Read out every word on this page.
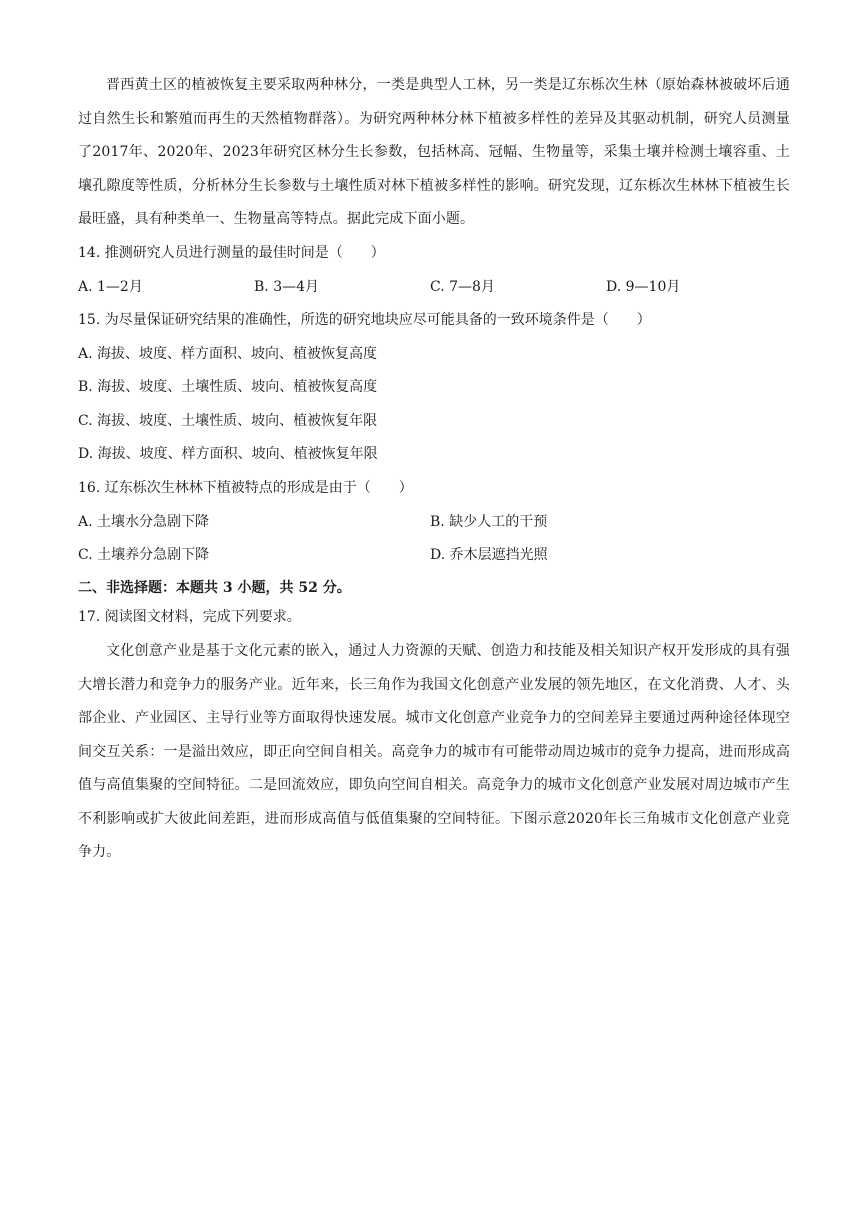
晋西黄土区的植被恢复主要采取两种林分，一类是典型人工林，另一类是辽东栎次生林（原始森林被破坏后通过自然生长和繁殖而再生的天然植物群落）。为研究两种林分林下植被多样性的差异及其驱动机制，研究人员测量了2017年、2020年、2023年研究区林分生长参数，包括林高、冠幅、生物量等，采集土壤并检测土壤容重、土壤孔隙度等性质，分析林分生长参数与土壤性质对林下植被多样性的影响。研究发现，辽东栎次生林林下植被生长最旺盛，具有种类单一、生物量高等特点。据此完成下面小题。
14. 推测研究人员进行测量的最佳时间是（　　）
A. 1—2月	B. 3—4月	C. 7—8月	D. 9—10月
15. 为尽量保证研究结果的准确性，所选的研究地块应尽可能具备的一致环境条件是（　　）
A. 海拔、坡度、样方面积、坡向、植被恢复高度
B. 海拔、坡度、土壤性质、坡向、植被恢复高度
C. 海拔、坡度、土壤性质、坡向、植被恢复年限
D. 海拔、坡度、样方面积、坡向、植被恢复年限
16. 辽东栎次生林林下植被特点的形成是由于（　　）
A. 土壤水分急剧下降	B. 缺少人工的干预
C. 土壤养分急剧下降	D. 乔木层遮挡光照
二、非选择题：本题共 3 小题，共 52 分。
17. 阅读图文材料，完成下列要求。
文化创意产业是基于文化元素的嵌入，通过人力资源的天赋、创造力和技能及相关知识产权开发形成的具有强大增长潜力和竞争力的服务产业。近年来，长三角作为我国文化创意产业发展的领先地区，在文化消费、人才、头部企业、产业园区、主导行业等方面取得快速发展。城市文化创意产业竞争力的空间差异主要通过两种途径体现空间交互关系：一是溢出效应，即正向空间自相关。高竞争力的城市有可能带动周边城市的竞争力提高，进而形成高值与高值集聚的空间特征。二是回流效应，即负向空间自相关。高竞争力的城市文化创意产业发展对周边城市产生不利影响或扩大彼此间差距，进而形成高值与低值集聚的空间特征。下图示意2020年长三角城市文化创意产业竞争力。
